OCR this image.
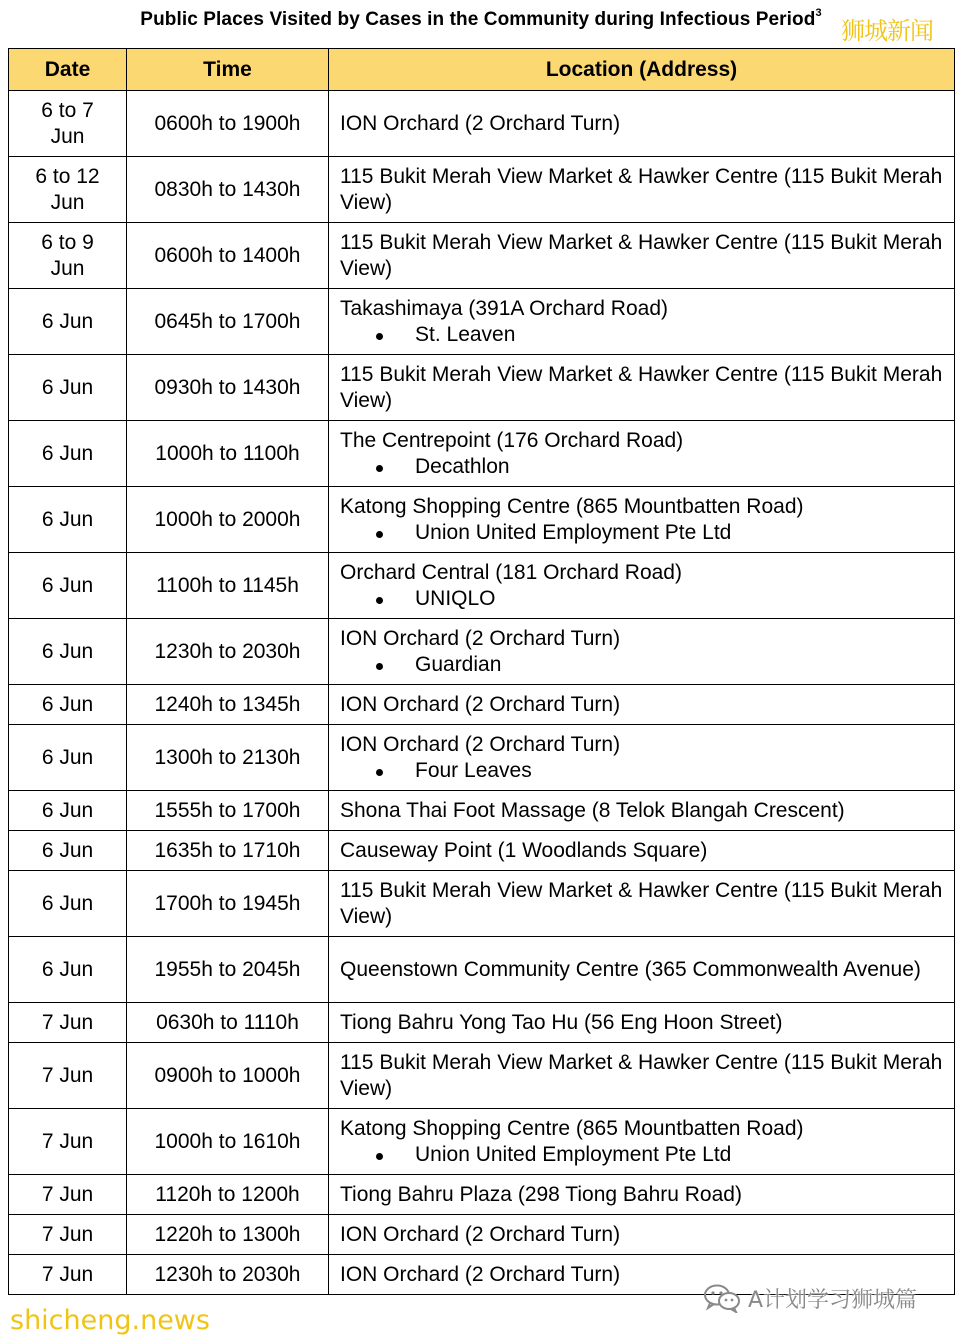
Public Places Visited by Cases in the Community during Infectious Period$^3$
狮城新闻
Date	Time	Location (Address)
6 to 7 Jun	0600h to 1900h	ION Orchard (2 Orchard Turn)
6 to 12 Jun	0830h to 1430h	115 Bukit Merah View Market & Hawker Centre (115 Bukit Merah View)
6 to 9 Jun	0600h to 1400h	115 Bukit Merah View Market & Hawker Centre (115 Bukit Merah View)
6 Jun	0645h to 1700h	Takashimaya (391A Orchard Road)
St. Leaven

6 Jun	0930h to 1430h	115 Bukit Merah View Market & Hawker Centre (115 Bukit Merah View)
6 Jun	1000h to 1100h	The Centrepoint (176 Orchard Road)
Decathlon

6 Jun	1000h to 2000h	Katong Shopping Centre (865 Mountbatten Road)
Union United Employment Pte Ltd

6 Jun	1100h to 1145h	Orchard Central (181 Orchard Road)
UNIQLO

6 Jun	1230h to 2030h	ION Orchard (2 Orchard Turn)
Guardian

6 Jun	1240h to 1345h	ION Orchard (2 Orchard Turn)
6 Jun	1300h to 2130h	ION Orchard (2 Orchard Turn)
Four Leaves

6 Jun	1555h to 1700h	Shona Thai Foot Massage (8 Telok Blangah Crescent)
6 Jun	1635h to 1710h	Causeway Point (1 Woodlands Square)
6 Jun	1700h to 1945h	115 Bukit Merah View Market & Hawker Centre (115 Bukit Merah View)
6 Jun	1955h to 2045h	Queenstown Community Centre (365 Commonwealth Avenue)
7 Jun	0630h to 1110h	Tiong Bahru Yong Tao Hu (56 Eng Hoon Street)
7 Jun	0900h to 1000h	115 Bukit Merah View Market & Hawker Centre (115 Bukit Merah View)
7 Jun	1000h to 1610h	Katong Shopping Centre (865 Mountbatten Road)
Union United Employment Pte Ltd

7 Jun	1120h to 1200h	Tiong Bahru Plaza (298 Tiong Bahru Road)
7 Jun	1220h to 1300h	ION Orchard (2 Orchard Turn)
7 Jun	1230h to 2030h	ION Orchard (2 Orchard Turn)
A计划学习狮城篇
shicheng.news
